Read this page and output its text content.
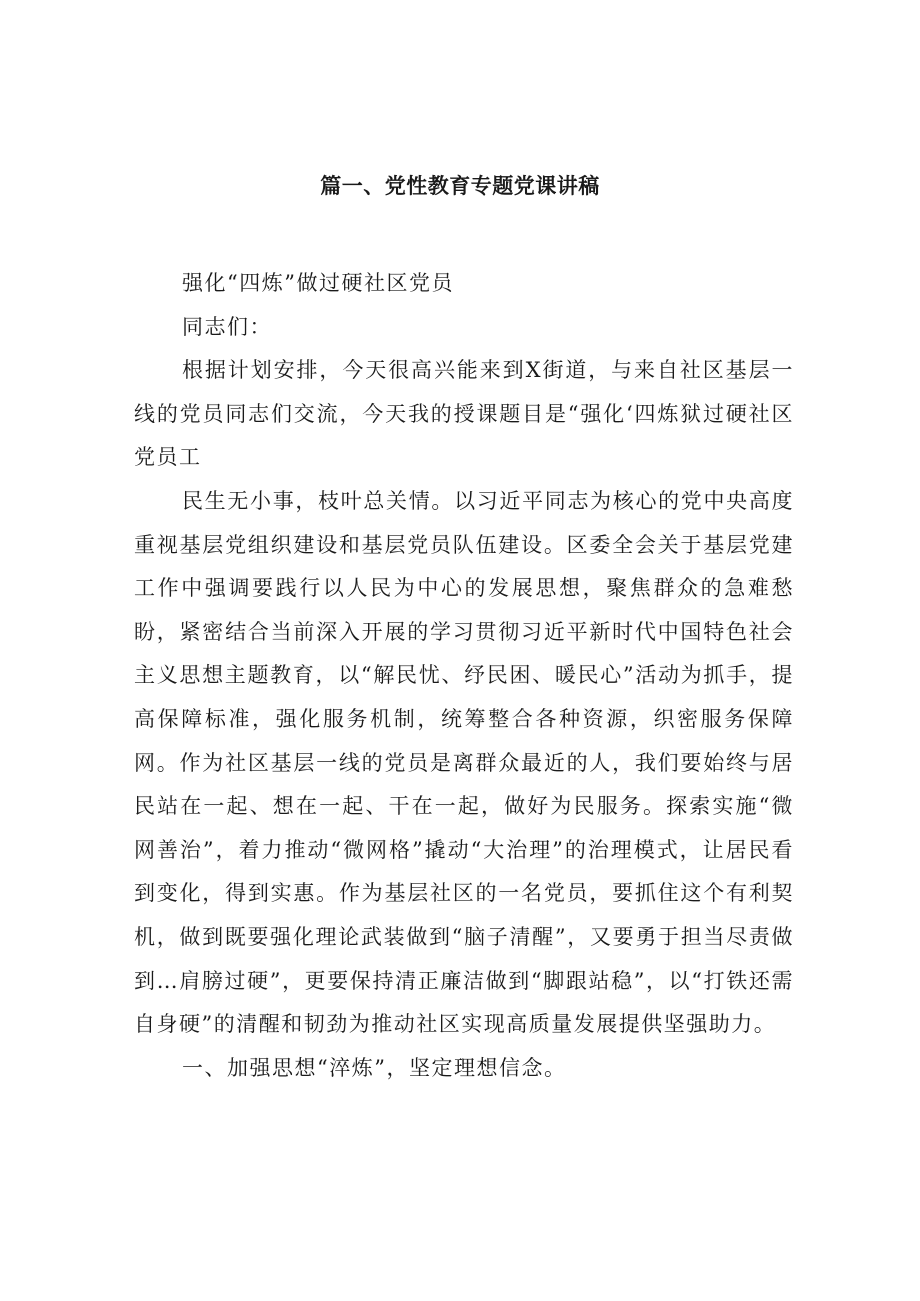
篇一、党性教育专题党课讲稿

强化“四炼”做过硬社区党员

同志们：

根据计划安排，今天很高兴能来到X街道，与来自社区基层一线的党员同志们交流，今天我的授课题目是“强化‘四炼狱过硬社区党员工

民生无小事，枝叶总关情。以习近平同志为核心的党中央高度重视基层党组织建设和基层党员队伍建设。区委全会关于基层党建工作中强调要践行以人民为中心的发展思想，聚焦群众的急难愁盼，紧密结合当前深入开展的学习贯彻习近平新时代中国特色社会主义思想主题教育，以“解民忧、纾民困、暖民心”活动为抓手，提高保障标准，强化服务机制，统筹整合各种资源，织密服务保障网。作为社区基层一线的党员是离群众最近的人，我们要始终与居民站在一起、想在一起、干在一起，做好为民服务。探索实施“微网善治”，着力推动“微网格”撬动“大治理”的治理模式，让居民看到变化，得到实惠。作为基层社区的一名党员，要抓住这个有利契机，做到既要强化理论武装做到“脑子清醒”，又要勇于担当尽责做到…肩膀过硬”，更要保持清正廉洁做到“脚跟站稳”，以“打铁还需自身硬”的清醒和韧劲为推动社区实现高质量发展提供坚强助力。

一、加强思想“淬炼”，坚定理想信念。
